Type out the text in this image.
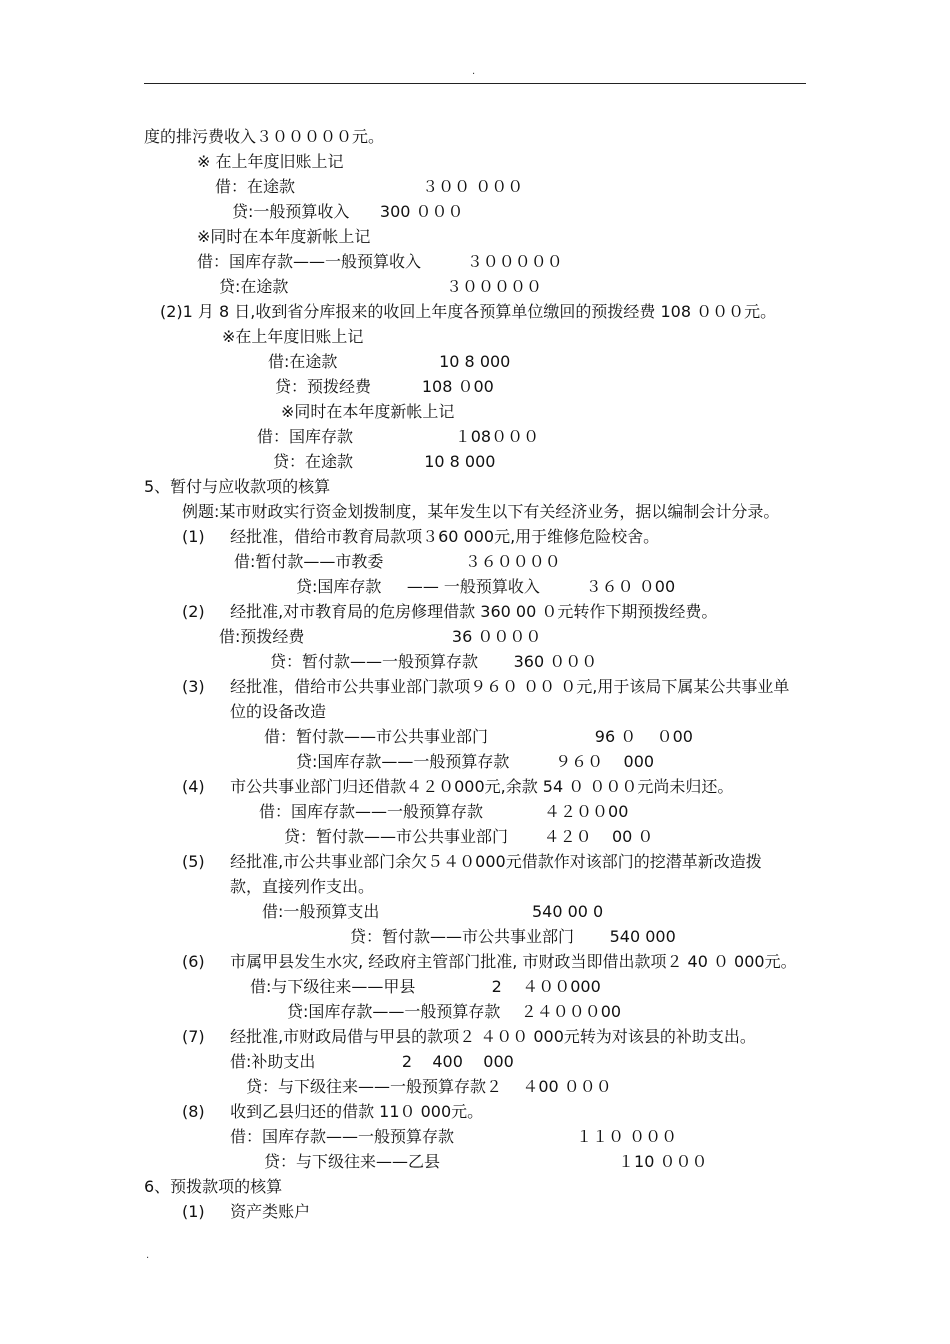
.
度的排污费收入３０００００元。
※ 在上年度旧账上记
借：在途款                         ３００ ０００
贷:一般预算收入      300 ０００
※同时在本年度新帐上记
借：国库存款——一般预算收入         ３０００００
贷:在途款                               ３０００００
(2)1 月 8 日,收到省分库报来的收回上年度各预算单位缴回的预拨经费 108 ０００元。
※在上年度旧账上记
借:在途款                    10 8 000
贷：预拨经费          108 ０00
※同时在本年度新帐上记
借：国库存款                    １08０００
贷：在途款              10 8 000
5、暂付与应收款项的核算
例题:某市财政实行资金划拨制度，某年发生以下有关经济业务，据以编制会计分录。
(1)     经批准，借给市教育局款项３60 000元,用于维修危险校舍。
借:暂付款——市教委                ３６００００
贷:国库存款     —— 一般预算收入         ３６０ ０00
(2)     经批准,对市教育局的危房修理借款 360 00 ０元转作下期预拨经费。
借:预拨经费                             36 ００００
贷：暂付款——一般预算存款       360 ０００
(3)     经批准，借给市公共事业部门款项９６０ ００ ０元,用于该局下属某公共事业单
位的设备改造
借：暂付款——市公共事业部门                     96 ０    ０00
贷:国库存款——一般预算存款         ９６０    000
(4)     市公共事业部门归还借款４２０000元,余款 54 ０ ０００元尚未归还。
借：国库存款——一般预算存款            ４２００00
贷：暂付款——市公共事业部门       ４２０    00 ０
(5)     经批准,市公共事业部门余欠５４０000元借款作对该部门的挖潜革新改造拨
款，直接列作支出。
借:一般预算支出                              540 00 0
贷：暂付款——市公共事业部门       540 000
(6)     市属甲县发生水灾, 经政府主管部门批准, 市财政当即借出款项２ 40 ０ 000元。
借:与下级往来——甲县               2    ４００000
贷:国库存款——一般预算存款    ２４０００00
(7)     经批准,市财政局借与甲县的款项２ ４００ 000元转为对该县的补助支出。
借:补助支出                 2    400    000
贷：与下级往来——一般预算存款２    ４00 ０００
(8)     收到乙县归还的借款 11０ 000元。
借：国库存款——一般预算存款                        １１０ ０００
贷：与下级往来——乙县                                   １10 ０００
6、预拨款项的核算
(1)     资产类账户
.
